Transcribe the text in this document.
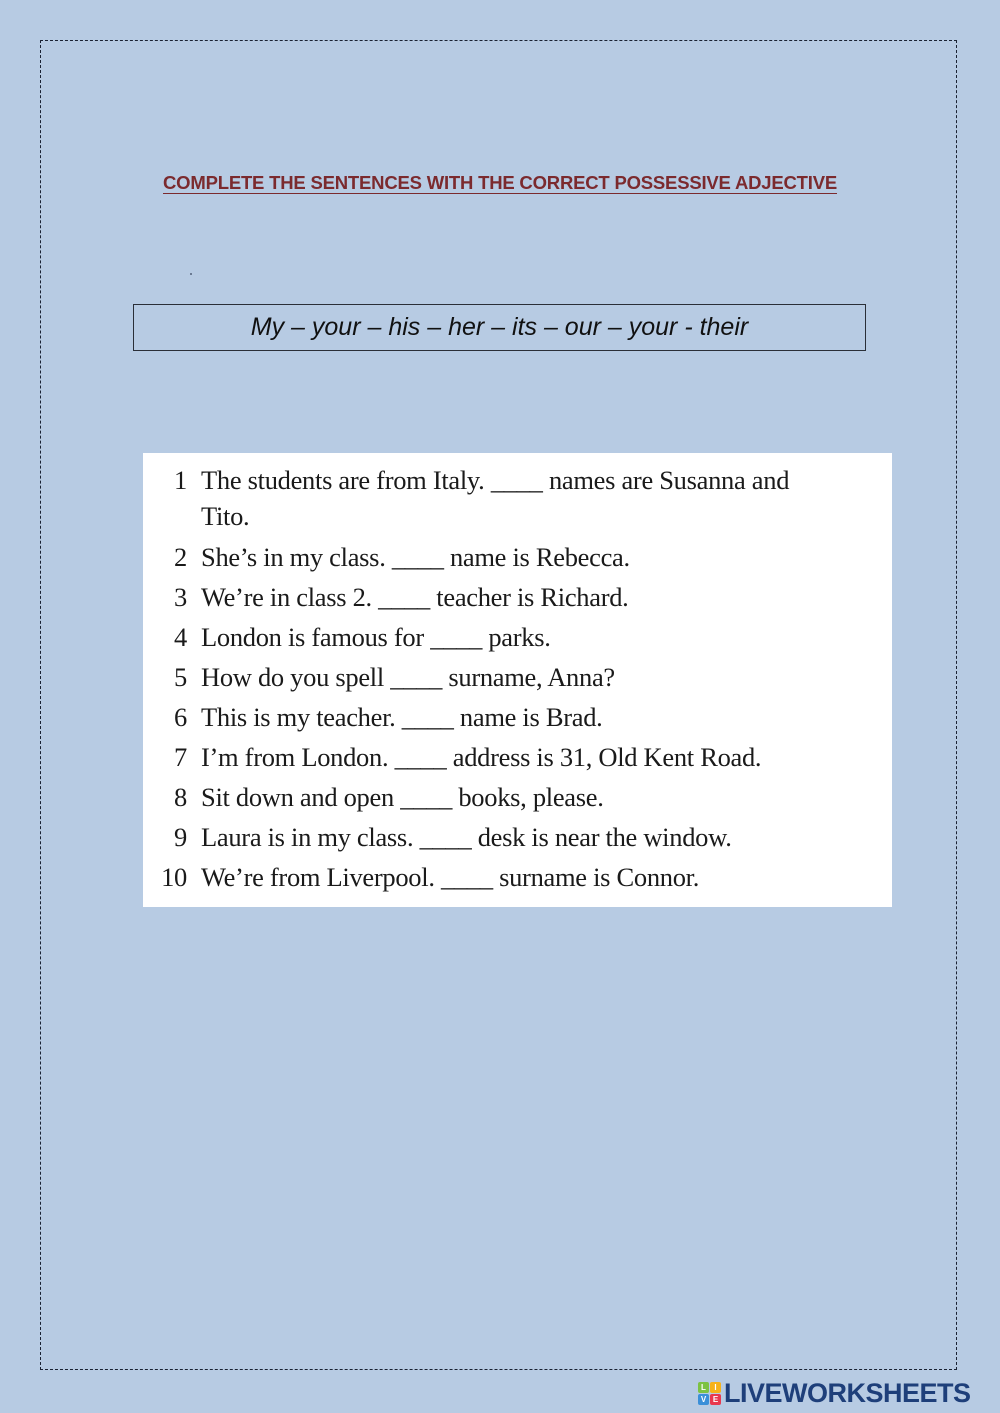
COMPLETE THE SENTENCES WITH THE CORRECT POSSESSIVE ADJECTIVE
My – your – his – her – its – our – your - their
1 The students are from Italy. ____ names are Susanna and Tito.
2 She’s in my class. ____ name is Rebecca.
3 We’re in class 2. ____ teacher is Richard.
4 London is famous for ____ parks.
5 How do you spell ____ surname, Anna?
6 This is my teacher. ____ name is Brad.
7 I’m from London. ____ address is 31, Old Kent Road.
8 Sit down and open ____ books, please.
9 Laura is in my class. ____ desk is near the window.
10 We’re from Liverpool. ____ surname is Connor.
L	I
V E LIVEWORKSHEETS
